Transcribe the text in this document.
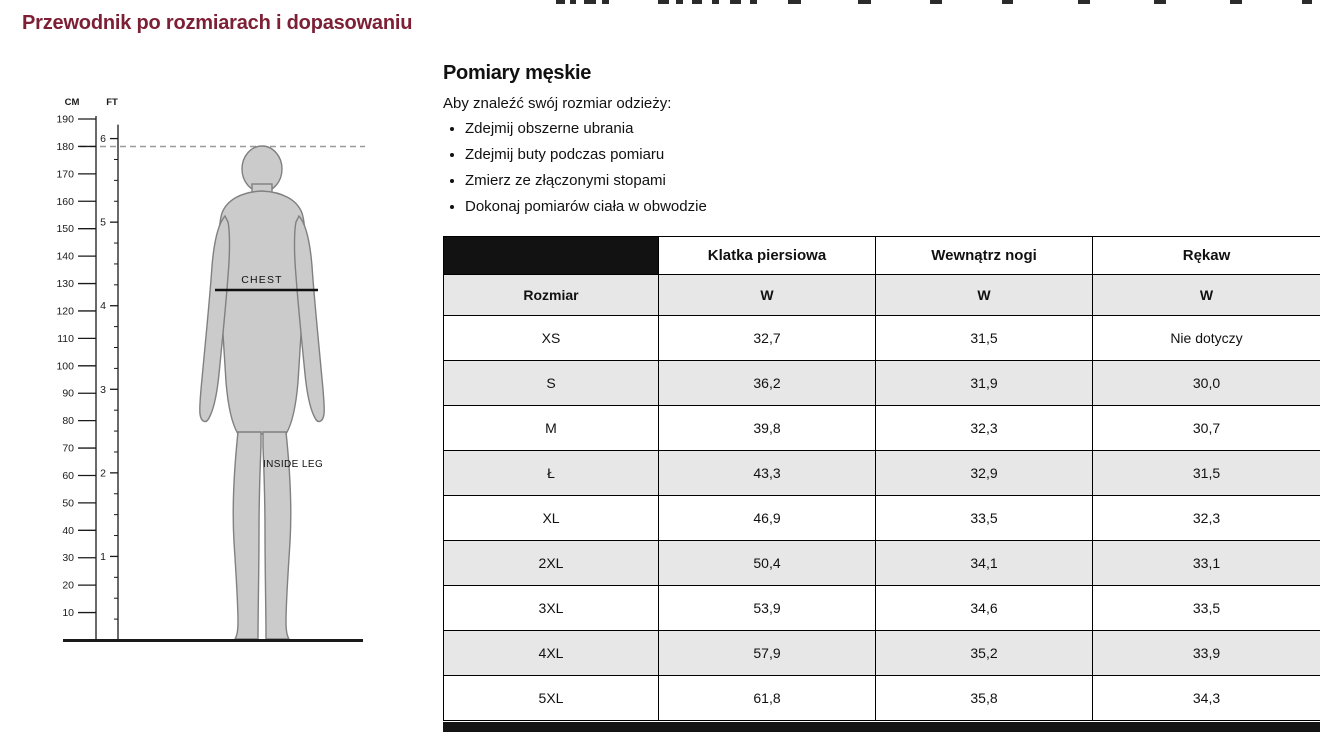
Przewodnik po rozmiarach i dopasowaniu
190
180
170
160
150
140
130
120
110
100
90
80
70
60
50
40
30
20
10
CM
6
5
4
3
2
1
FT
CHEST
INSIDE LEG
Pomiary męskie
Aby znaleźć swój rozmiar odzieży:
• Zdejmij obszerne ubrania
• Zdejmij buty podczas pomiaru
• Zmierz ze złączonymi stopami
• Dokonaj pomiarów ciała w obwodzie
	Klatka piersiowa	Wewnątrz nogi	Rękaw
Rozmiar	W	W	W
XS	32,7	31,5	Nie dotyczy
S	36,2	31,9	30,0
M	39,8	32,3	30,7
Ł	43,3	32,9	31,5
XL	46,9	33,5	32,3
2XL	50,4	34,1	33,1
3XL	53,9	34,6	33,5
4XL	57,9	35,2	33,9
5XL	61,8	35,8	34,3
